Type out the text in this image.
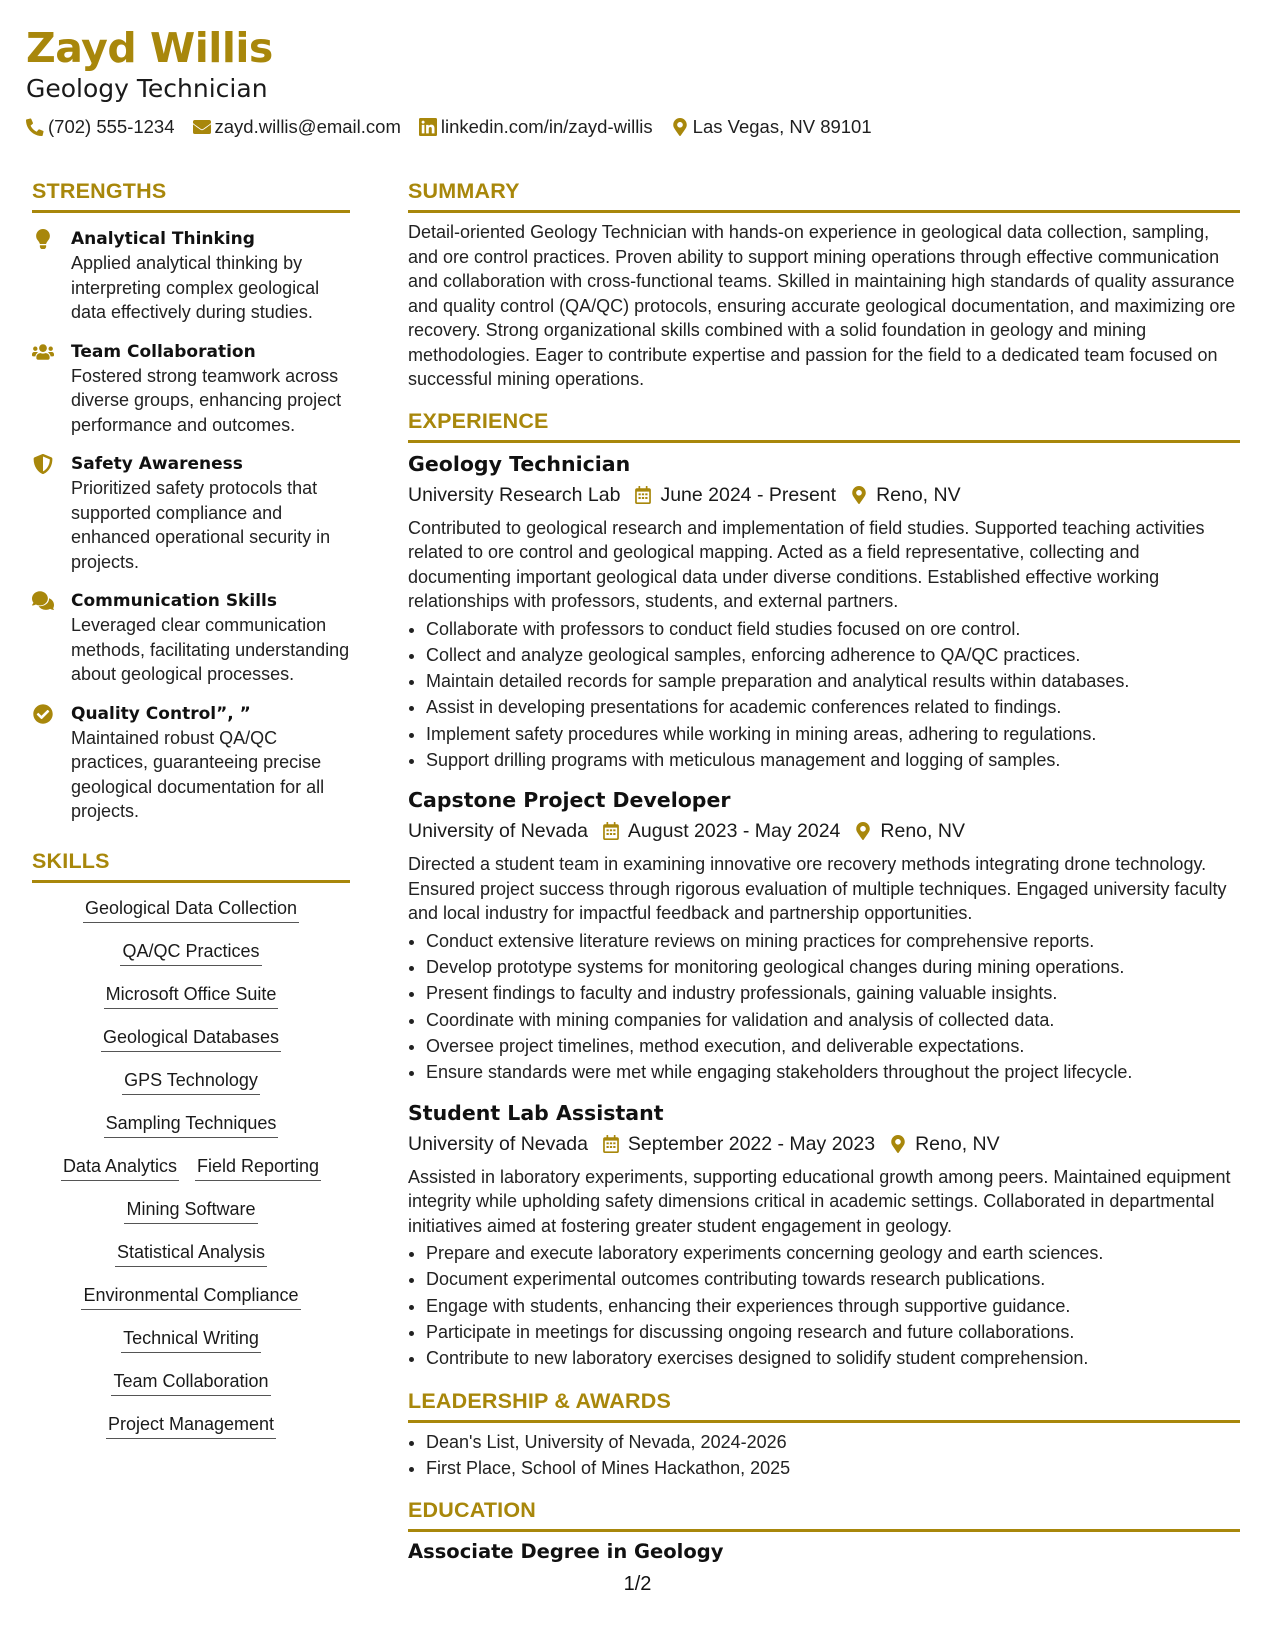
Zayd Willis
Geology Technician
(702) 555-1234 zayd.willis@email.com linkedin.com/in/zayd-willis Las Vegas, NV 89101
STRENGTHS
Analytical Thinking
Applied analytical thinking by interpreting complex geological data effectively during studies.
Team Collaboration
Fostered strong teamwork across diverse groups, enhancing project performance and outcomes.
Safety Awareness
Prioritized safety protocols that supported compliance and enhanced operational security in projects.
Communication Skills
Leveraged clear communication methods, facilitating understanding about geological processes.
Quality Control”, ”
Maintained robust QA/QC practices, guaranteeing precise geological documentation for all projects.
SKILLS
Geological Data Collection
QA/QC Practices
Microsoft Office Suite
Geological Databases
GPS Technology
Sampling Techniques
Data Analytics Field Reporting
Mining Software
Statistical Analysis
Environmental Compliance
Technical Writing
Team Collaboration
Project Management
SUMMARY
Detail-oriented Geology Technician with hands-on experience in geological data collection, sampling, and ore control practices. Proven ability to support mining operations through effective communication and collaboration with cross-functional teams. Skilled in maintaining high standards of quality assurance and quality control (QA/QC) protocols, ensuring accurate geological documentation, and maximizing ore recovery. Strong organizational skills combined with a solid foundation in geology and mining methodologies. Eager to contribute expertise and passion for the field to a dedicated team focused on successful mining operations.
EXPERIENCE
Geology Technician
University Research Lab June 2024 - Present Reno, NV
Contributed to geological research and implementation of field studies. Supported teaching activities related to ore control and geological mapping. Acted as a field representative, collecting and documenting important geological data under diverse conditions. Established effective working relationships with professors, students, and external partners.
• Collaborate with professors to conduct field studies focused on ore control.
• Collect and analyze geological samples, enforcing adherence to QA/QC practices.
• Maintain detailed records for sample preparation and analytical results within databases.
• Assist in developing presentations for academic conferences related to findings.
• Implement safety procedures while working in mining areas, adhering to regulations.
• Support drilling programs with meticulous management and logging of samples.
Capstone Project Developer
University of Nevada August 2023 - May 2024 Reno, NV
Directed a student team in examining innovative ore recovery methods integrating drone technology. Ensured project success through rigorous evaluation of multiple techniques. Engaged university faculty and local industry for impactful feedback and partnership opportunities.
• Conduct extensive literature reviews on mining practices for comprehensive reports.
• Develop prototype systems for monitoring geological changes during mining operations.
• Present findings to faculty and industry professionals, gaining valuable insights.
• Coordinate with mining companies for validation and analysis of collected data.
• Oversee project timelines, method execution, and deliverable expectations.
• Ensure standards were met while engaging stakeholders throughout the project lifecycle.
Student Lab Assistant
University of Nevada September 2022 - May 2023 Reno, NV
Assisted in laboratory experiments, supporting educational growth among peers. Maintained equipment integrity while upholding safety dimensions critical in academic settings. Collaborated in departmental initiatives aimed at fostering greater student engagement in geology.
• Prepare and execute laboratory experiments concerning geology and earth sciences.
• Document experimental outcomes contributing towards research publications.
• Engage with students, enhancing their experiences through supportive guidance.
• Participate in meetings for discussing ongoing research and future collaborations.
• Contribute to new laboratory exercises designed to solidify student comprehension.
LEADERSHIP & AWARDS
• Dean's List, University of Nevada, 2024-2026
• First Place, School of Mines Hackathon, 2025
EDUCATION
Associate Degree in Geology
1/2
